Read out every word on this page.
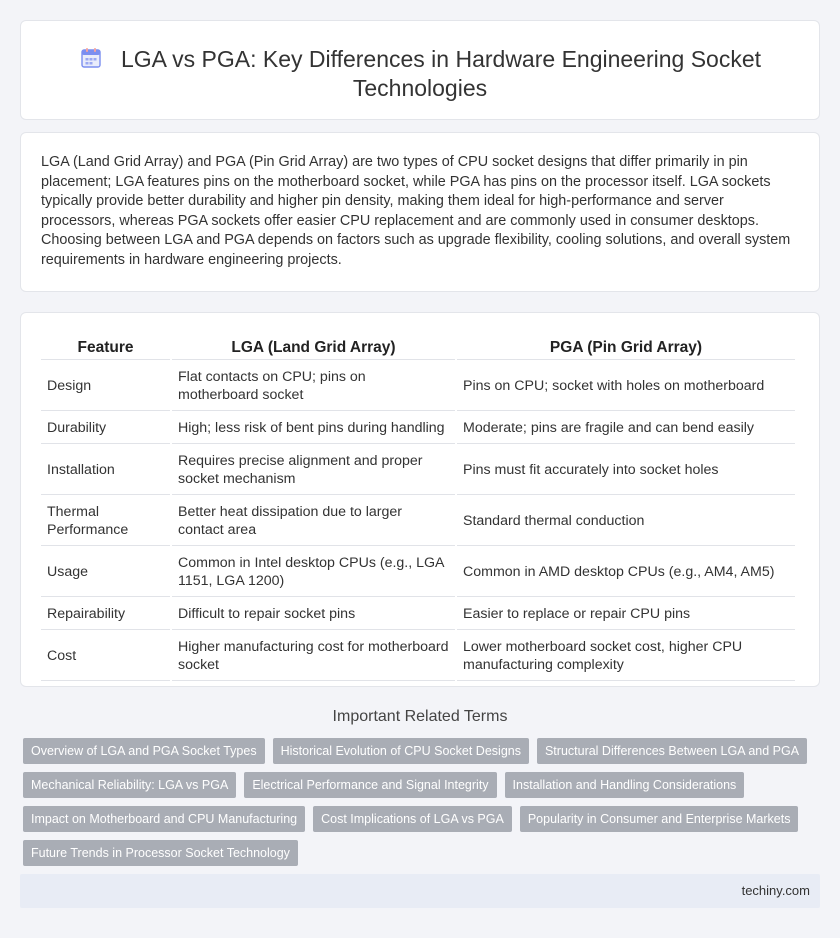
LGA vs PGA: Key Differences in Hardware Engineering Socket Technologies

LGA (Land Grid Array) and PGA (Pin Grid Array) are two types of CPU socket designs that differ primarily in pin placement; LGA features pins on the motherboard socket, while PGA has pins on the processor itself. LGA sockets typically provide better durability and higher pin density, making them ideal for high-performance and server processors, whereas PGA sockets offer easier CPU replacement and are commonly used in consumer desktops. Choosing between LGA and PGA depends on factors such as upgrade flexibility, cooling solutions, and overall system requirements in hardware engineering projects.

Feature	LGA (Land Grid Array)	PGA (Pin Grid Array)
Design	Flat contacts on CPU; pins on motherboard socket	Pins on CPU; socket with holes on motherboard
Durability	High; less risk of bent pins during handling	Moderate; pins are fragile and can bend easily
Installation	Requires precise alignment and proper socket mechanism	Pins must fit accurately into socket holes
Thermal Performance	Better heat dissipation due to larger contact area	Standard thermal conduction
Usage	Common in Intel desktop CPUs (e.g., LGA 1151, LGA 1200)	Common in AMD desktop CPUs (e.g., AM4, AM5)
Repairability	Difficult to repair socket pins	Easier to replace or repair CPU pins
Cost	Higher manufacturing cost for motherboard socket	Lower motherboard socket cost, higher CPU manufacturing complexity
Important Related Terms
Overview of LGA and PGA Socket Types	Historical Evolution of CPU Socket Designs	Structural Differences Between LGA and PGA
Mechanical Reliability: LGA vs PGA	Electrical Performance and Signal Integrity	Installation and Handling Considerations
Impact on Motherboard and CPU Manufacturing	Cost Implications of LGA vs PGA	Popularity in Consumer and Enterprise Markets
Future Trends in Processor Socket Technology
techiny.com
